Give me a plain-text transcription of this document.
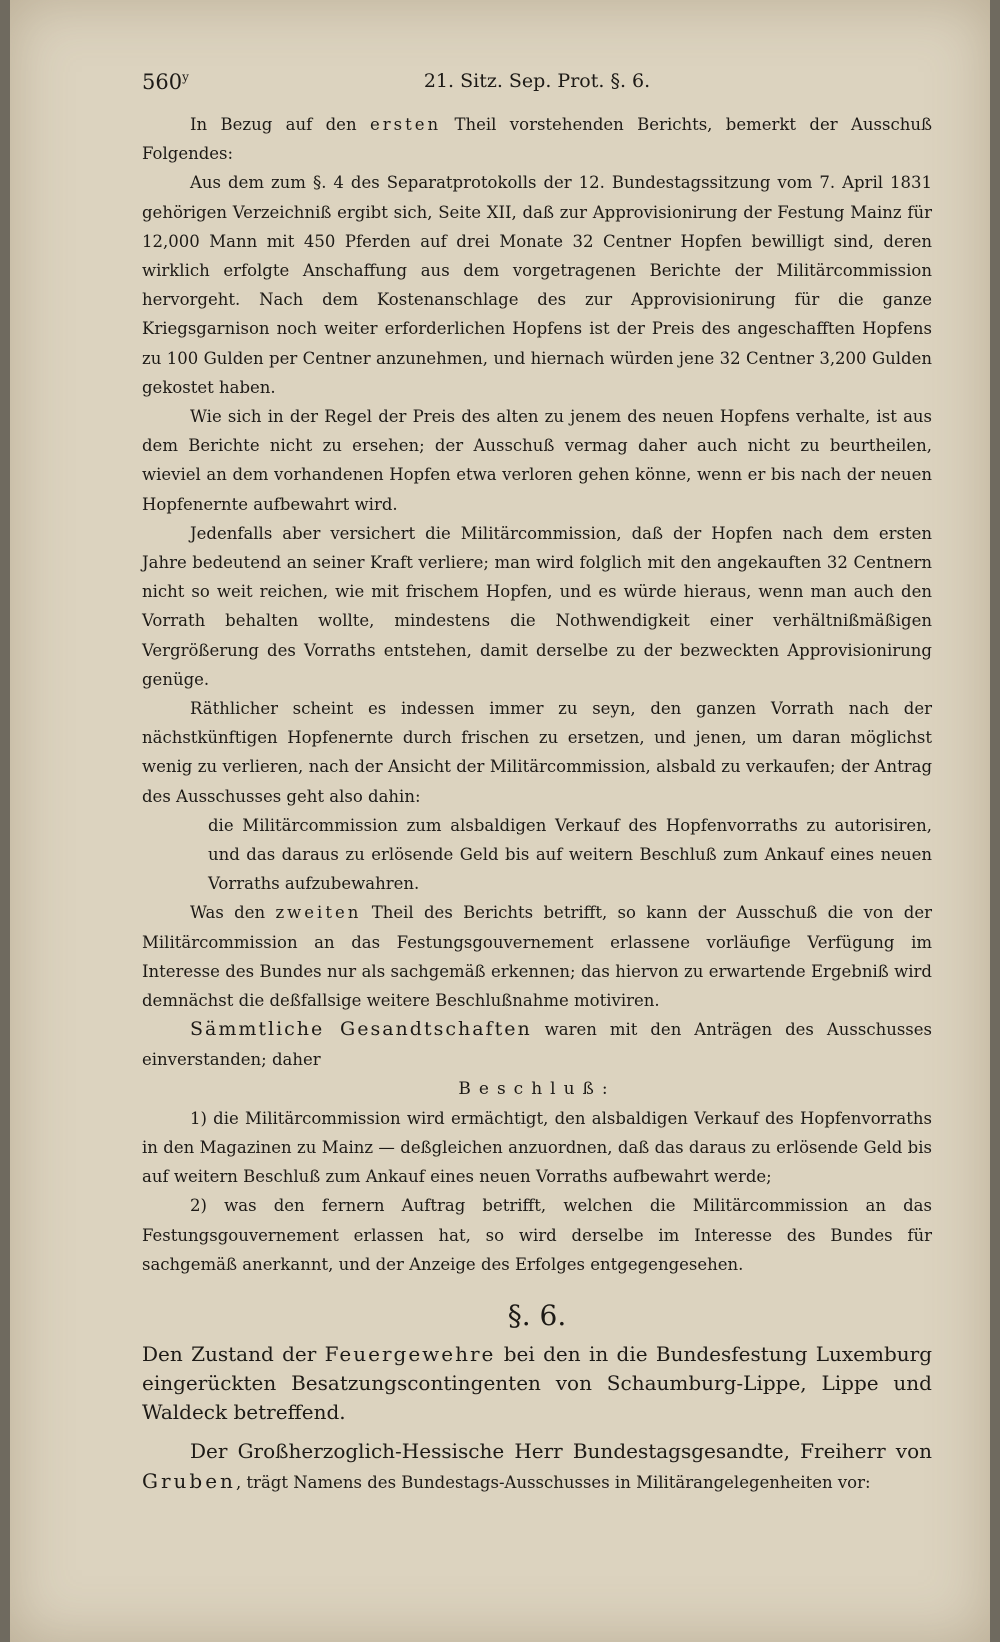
560$^y$	21. Sitz. Sep. Prot. §. 6.

In Bezug auf den ersten Theil vorstehenden Berichts, bemerkt der Ausschuß Folgendes:

Aus dem zum §. 4 des Separatprotokolls der 12. Bundestagssitzung vom 7. April 1831 gehörigen Verzeichniß ergibt sich, Seite XII, daß zur Approvisionirung der Festung Mainz für 12,000 Mann mit 450 Pferden auf drei Monate 32 Centner Hopfen bewilligt sind, deren wirklich erfolgte Anschaffung aus dem vorgetragenen Berichte der Militärcommission hervorgeht. Nach dem Kostenanschlage des zur Approvisionirung für die ganze Kriegsgarnison noch weiter erforderlichen Hopfens ist der Preis des angeschafften Hopfens zu 100 Gulden per Centner anzunehmen, und hiernach würden jene 32 Centner 3,200 Gulden gekostet haben.

Wie sich in der Regel der Preis des alten zu jenem des neuen Hopfens verhalte, ist aus dem Berichte nicht zu ersehen; der Ausschuß vermag daher auch nicht zu beurtheilen, wieviel an dem vorhandenen Hopfen etwa verloren gehen könne, wenn er bis nach der neuen Hopfenernte aufbewahrt wird.

Jedenfalls aber versichert die Militärcommission, daß der Hopfen nach dem ersten Jahre bedeutend an seiner Kraft verliere; man wird folglich mit den angekauften 32 Centnern nicht so weit reichen, wie mit frischem Hopfen, und es würde hieraus, wenn man auch den Vorrath behalten wollte, mindestens die Nothwendigkeit einer verhältnißmäßigen Vergrößerung des Vorraths entstehen, damit derselbe zu der bezweckten Approvisionirung genüge.

Räthlicher scheint es indessen immer zu seyn, den ganzen Vorrath nach der nächstkünftigen Hopfenernte durch frischen zu ersetzen, und jenen, um daran möglichst wenig zu verlieren, nach der Ansicht der Militärcommission, alsbald zu verkaufen; der Antrag des Ausschusses geht also dahin:

die Militärcommission zum alsbaldigen Verkauf des Hopfenvorraths zu autorisiren, und das daraus zu erlösende Geld bis auf weitern Beschluß zum Ankauf eines neuen Vorraths aufzubewahren.

Was den zweiten Theil des Berichts betrifft, so kann der Ausschuß die von der Militärcommission an das Festungsgouvernement erlassene vorläufige Verfügung im Interesse des Bundes nur als sachgemäß erkennen; das hiervon zu erwartende Ergebniß wird demnächst die deßfallsige weitere Beschlußnahme motiviren.

Sämmtliche Gesandtschaften waren mit den Anträgen des Ausschusses einverstanden; daher

Beschluß:

1) die Militärcommission wird ermächtigt, den alsbaldigen Verkauf des Hopfenvorraths in den Magazinen zu Mainz — deßgleichen anzuordnen, daß das daraus zu erlösende Geld bis auf weitern Beschluß zum Ankauf eines neuen Vorraths aufbewahrt werde;

2) was den fernern Auftrag betrifft, welchen die Militärcommission an das Festungsgouvernement erlassen hat, so wird derselbe im Interesse des Bundes für sachgemäß anerkannt, und der Anzeige des Erfolges entgegengesehen.

§. 6.

Den Zustand der Feuergewehre bei den in die Bundesfestung Luxemburg eingerückten Besatzungscontingenten von Schaumburg-Lippe, Lippe und Waldeck betreffend.

Der Großherzoglich-Hessische Herr Bundestagsgesandte, Freiherr von Gruben, trägt Namens des Bundestags-Ausschusses in Militärangelegenheiten vor:
